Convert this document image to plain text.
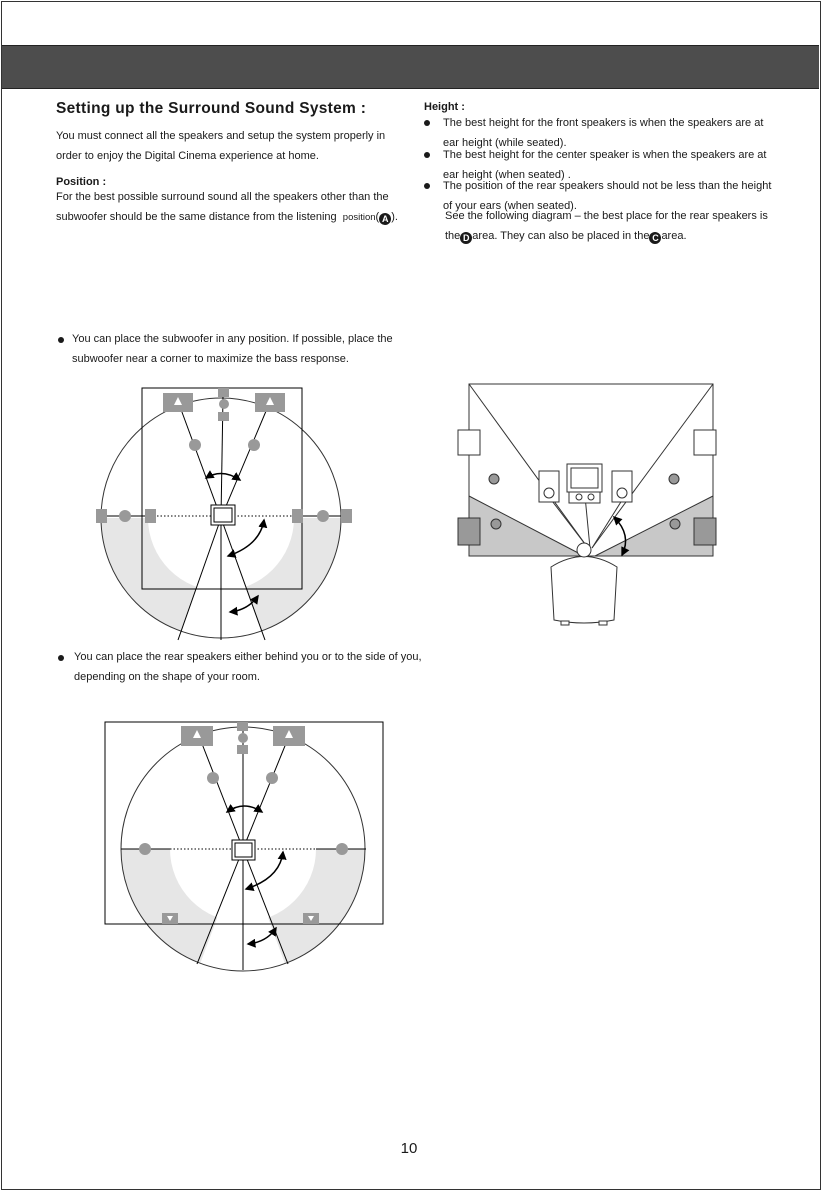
Setting up the Surround Sound System :
You must connect all the speakers and setup the system properly in
order to enjoy the Digital Cinema experience at home.
Position :
For the best possible surround sound all the speakers other than the
subwoofer should be the same distance from the listening position( A ).
Height :
The best height for the front speakers is when the speakers are at
ear height (while seated).
The best height for the center speaker is when the speakers are at
ear height (when seated) .
The position of the rear speakers should not be less than the height
of your ears (when seated).
See the following diagram – the best place for the rear speakers is
the D area. They can also be placed in the C area.
You can place the subwoofer in any position. If possible, place the
subwoofer near a corner to maximize the bass response.
You can place the rear speakers either behind you or to the side of you,
depending on the shape of your room.
10
